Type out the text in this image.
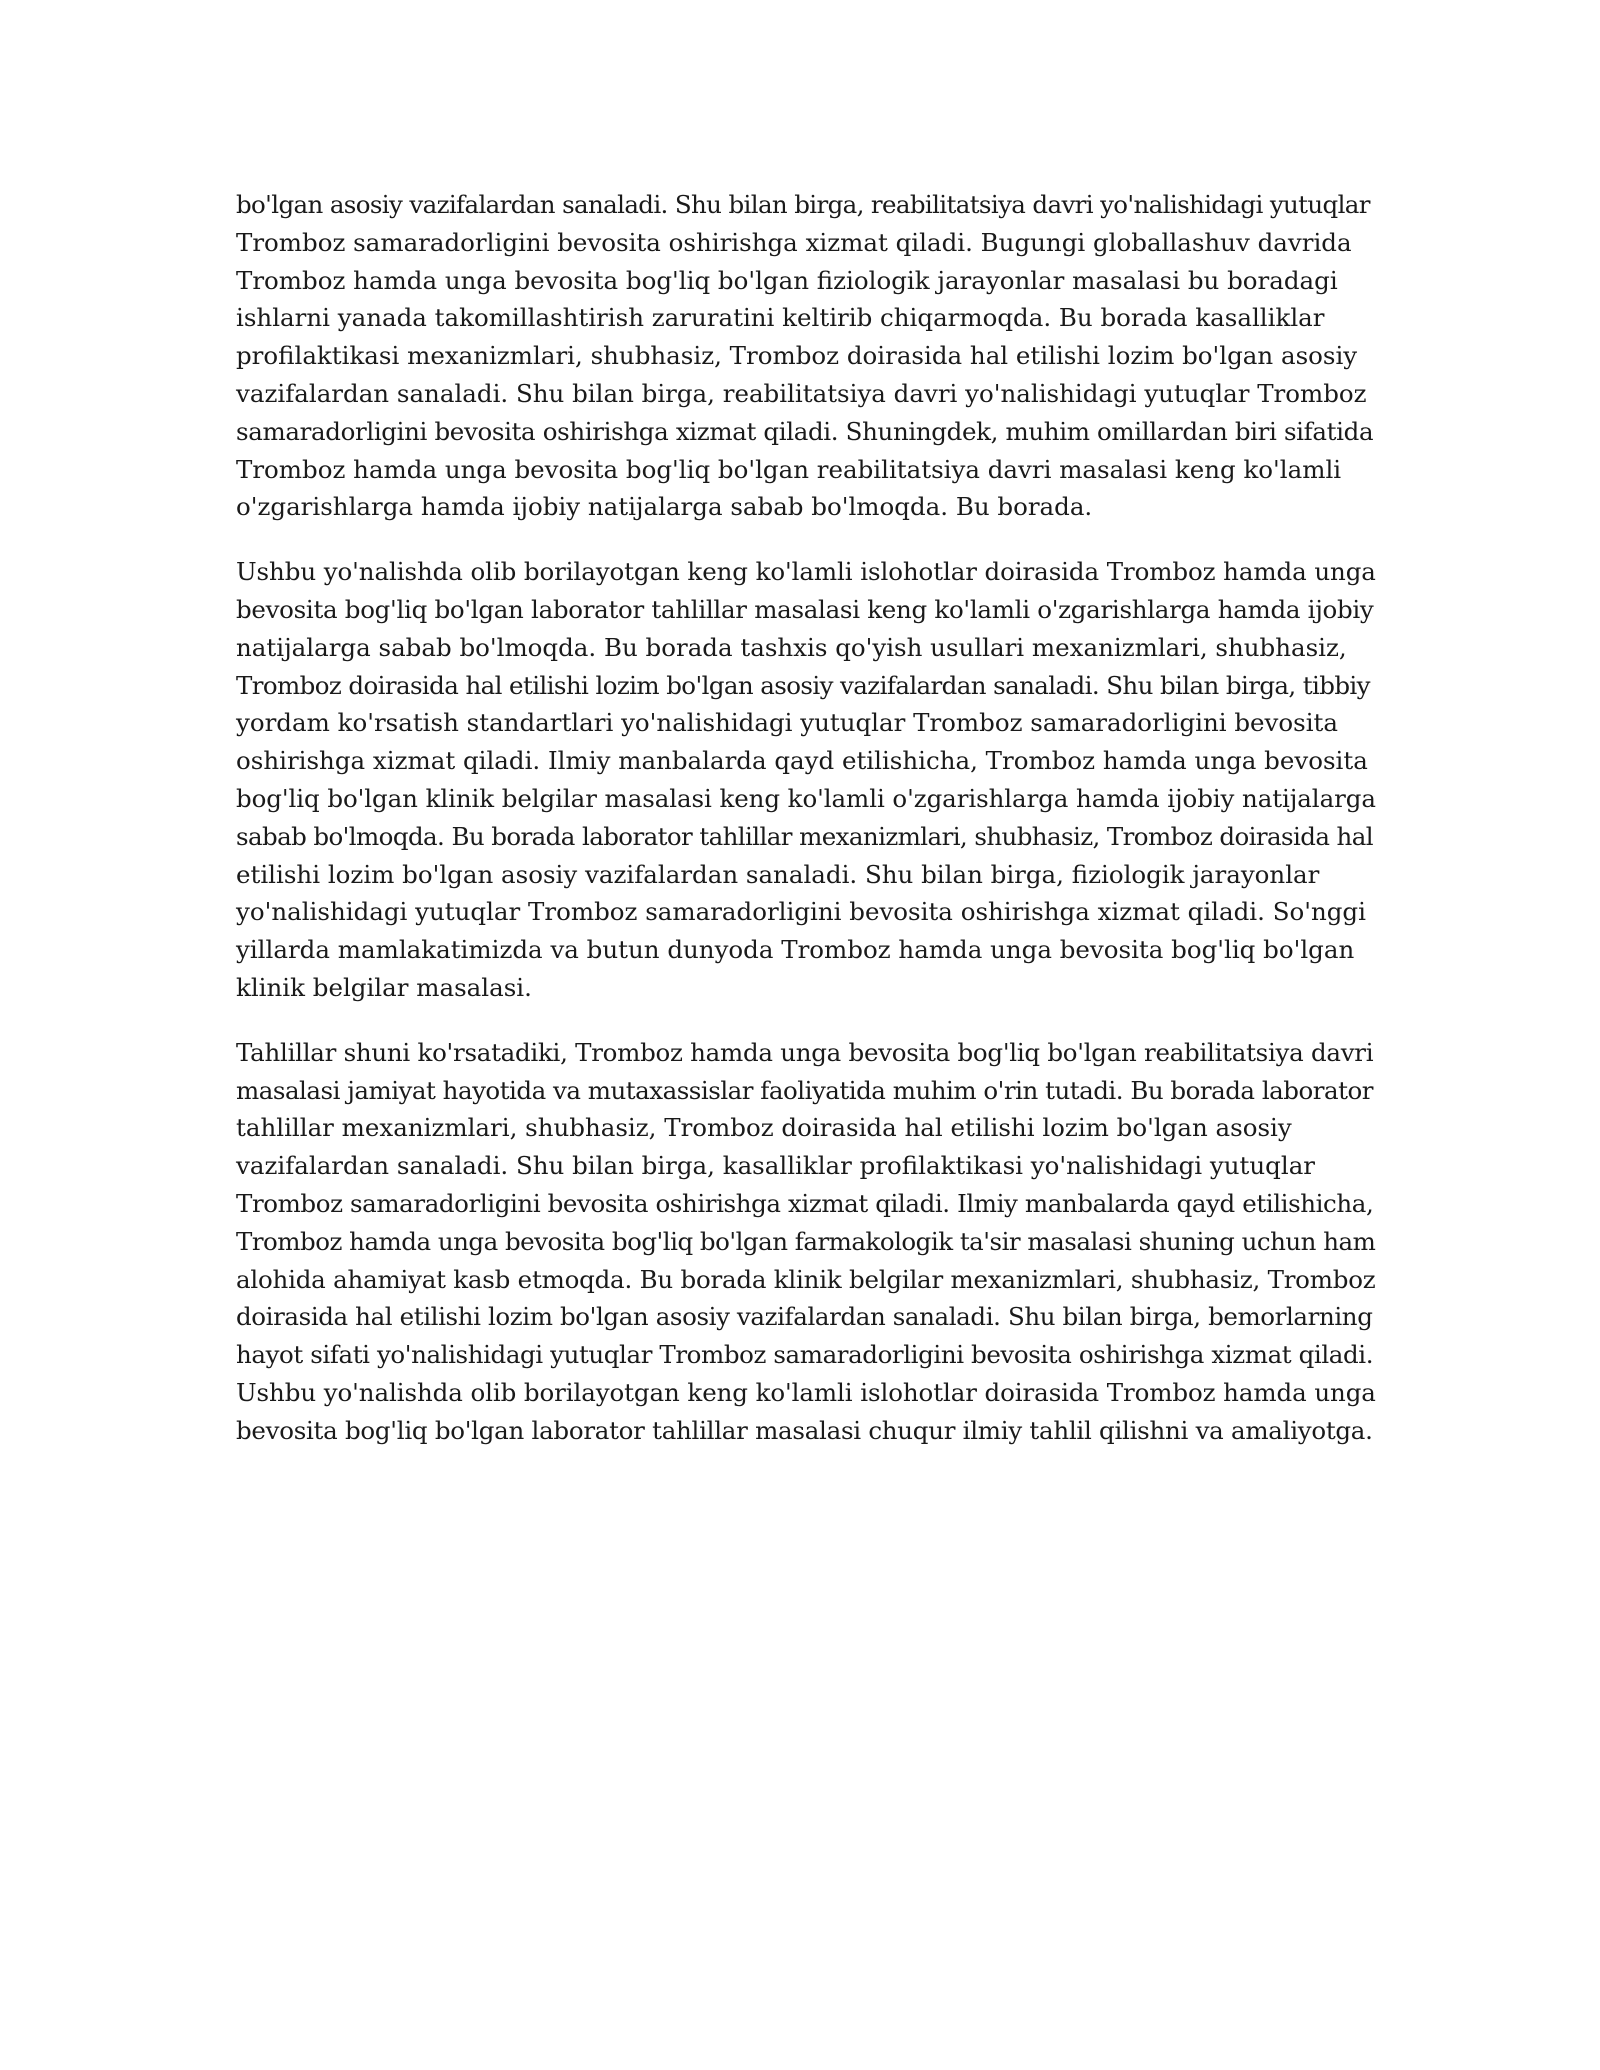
bo'lgan asosiy vazifalardan sanaladi. Shu bilan birga, reabilitatsiya davri yo'nalishidagi yutuqlar
Tromboz samaradorligini bevosita oshirishga xizmat qiladi. Bugungi globallashuv davrida
Tromboz hamda unga bevosita bog'liq bo'lgan fiziologik jarayonlar masalasi bu boradagi
ishlarni yanada takomillashtirish zaruratini keltirib chiqarmoqda. Bu borada kasalliklar
profilaktikasi mexanizmlari, shubhasiz, Tromboz doirasida hal etilishi lozim bo'lgan asosiy
vazifalardan sanaladi. Shu bilan birga, reabilitatsiya davri yo'nalishidagi yutuqlar Tromboz
samaradorligini bevosita oshirishga xizmat qiladi. Shuningdek, muhim omillardan biri sifatida
Tromboz hamda unga bevosita bog'liq bo'lgan reabilitatsiya davri masalasi keng ko'lamli
o'zgarishlarga hamda ijobiy natijalarga sabab bo'lmoqda. Bu borada.

Ushbu yo'nalishda olib borilayotgan keng ko'lamli islohotlar doirasida Tromboz hamda unga
bevosita bog'liq bo'lgan laborator tahlillar masalasi keng ko'lamli o'zgarishlarga hamda ijobiy
natijalarga sabab bo'lmoqda. Bu borada tashxis qo'yish usullari mexanizmlari, shubhasiz,
Tromboz doirasida hal etilishi lozim bo'lgan asosiy vazifalardan sanaladi. Shu bilan birga, tibbiy
yordam ko'rsatish standartlari yo'nalishidagi yutuqlar Tromboz samaradorligini bevosita
oshirishga xizmat qiladi. Ilmiy manbalarda qayd etilishicha, Tromboz hamda unga bevosita
bog'liq bo'lgan klinik belgilar masalasi keng ko'lamli o'zgarishlarga hamda ijobiy natijalarga
sabab bo'lmoqda. Bu borada laborator tahlillar mexanizmlari, shubhasiz, Tromboz doirasida hal
etilishi lozim bo'lgan asosiy vazifalardan sanaladi. Shu bilan birga, fiziologik jarayonlar
yo'nalishidagi yutuqlar Tromboz samaradorligini bevosita oshirishga xizmat qiladi. So'nggi
yillarda mamlakatimizda va butun dunyoda Tromboz hamda unga bevosita bog'liq bo'lgan
klinik belgilar masalasi.

Tahlillar shuni ko'rsatadiki, Tromboz hamda unga bevosita bog'liq bo'lgan reabilitatsiya davri
masalasi jamiyat hayotida va mutaxassislar faoliyatida muhim o'rin tutadi. Bu borada laborator
tahlillar mexanizmlari, shubhasiz, Tromboz doirasida hal etilishi lozim bo'lgan asosiy
vazifalardan sanaladi. Shu bilan birga, kasalliklar profilaktikasi yo'nalishidagi yutuqlar
Tromboz samaradorligini bevosita oshirishga xizmat qiladi. Ilmiy manbalarda qayd etilishicha,
Tromboz hamda unga bevosita bog'liq bo'lgan farmakologik ta'sir masalasi shuning uchun ham
alohida ahamiyat kasb etmoqda. Bu borada klinik belgilar mexanizmlari, shubhasiz, Tromboz
doirasida hal etilishi lozim bo'lgan asosiy vazifalardan sanaladi. Shu bilan birga, bemorlarning
hayot sifati yo'nalishidagi yutuqlar Tromboz samaradorligini bevosita oshirishga xizmat qiladi.
Ushbu yo'nalishda olib borilayotgan keng ko'lamli islohotlar doirasida Tromboz hamda unga
bevosita bog'liq bo'lgan laborator tahlillar masalasi chuqur ilmiy tahlil qilishni va amaliyotga.
